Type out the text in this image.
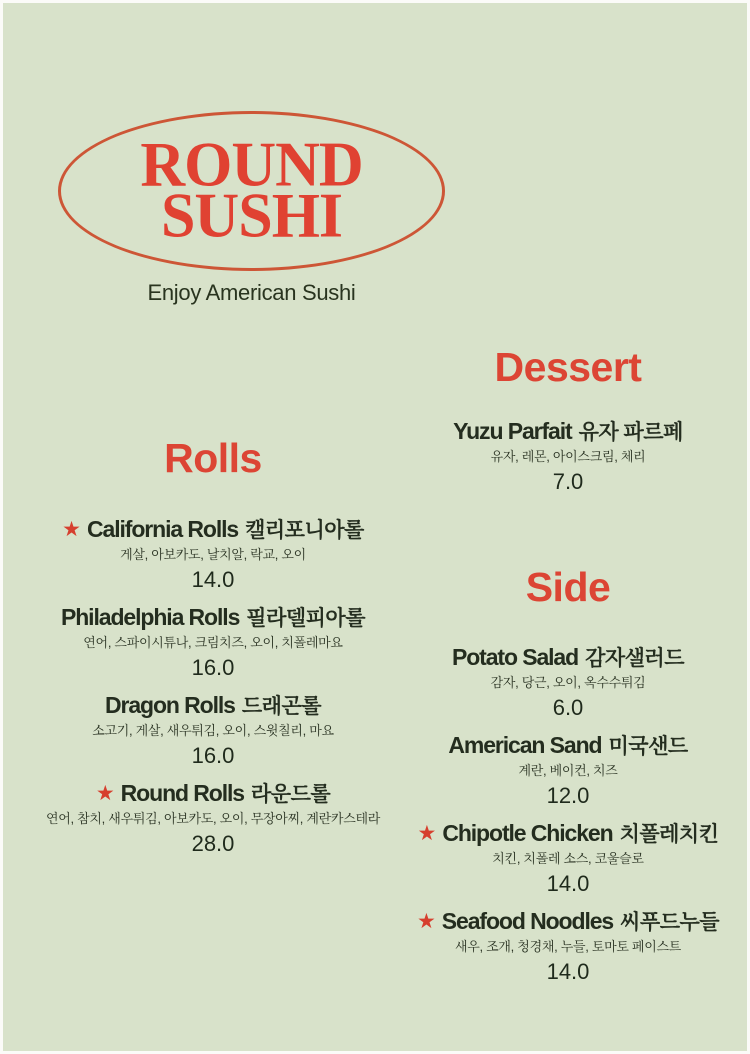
ROUND
SUSHI
Enjoy American Sushi
Rolls
★ California Rolls 캘리포니아롤
게살, 아보카도, 날치알, 락교, 오이
14.0
Philadelphia Rolls 필라델피아롤
연어, 스파이시튜나, 크림치즈, 오이, 치폴레마요
16.0
Dragon Rolls 드래곤롤
소고기, 게살, 새우튀김, 오이, 스윗칠리, 마요
16.0
★ Round Rolls 라운드롤
연어, 참치, 새우튀김, 아보카도, 오이, 무장아찌, 계란카스테라
28.0
Dessert
Yuzu Parfait 유자 파르페
유자, 레몬, 아이스크림, 체리
7.0
Side
Potato Salad 감자샐러드
감자, 당근, 오이, 옥수수튀김
6.0
American Sand 미국샌드
계란, 베이컨, 치즈
12.0
★ Chipotle Chicken 치폴레치킨
치킨, 치폴레 소스, 코울슬로
14.0
★ Seafood Noodles 씨푸드누들
새우, 조개, 청경채, 누들, 토마토 페이스트
14.0
